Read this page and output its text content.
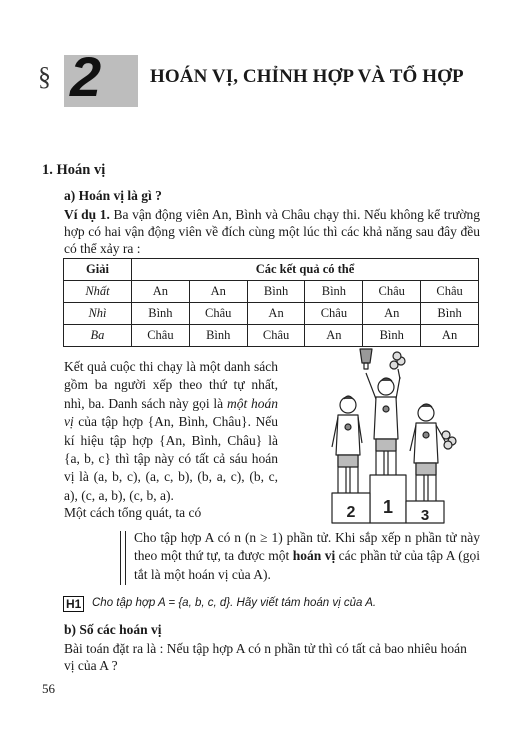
§ 2	HOÁN VỊ, CHỈNH HỢP VÀ TỔ HỢP
1. Hoán vị
a) Hoán vị là gì ?
Ví dụ 1. Ba vận động viên An, Bình và Châu chạy thi. Nếu không kể trường hợp có hai vận động viên về đích cùng một lúc thì các khả năng sau đây đều có thể xảy ra :
Giải	Các kết quả có thể					
Nhất	An	An	Bình	Bình	Châu	Châu
Nhì	Bình	Châu	An	Châu	An	Bình
Ba	Châu	Bình	Châu	An	Bình	An
Kết quả cuộc thi chạy là một danh sách gồm ba người xếp theo thứ tự nhất, nhì, ba. Danh sách này gọi là một hoán vị của tập hợp {An, Bình, Châu}. Nếu kí hiệu tập hợp {An, Bình, Châu} là {a, b, c} thì tập này có tất cả sáu hoán vị là (a, b, c), (a, c, b), (b, a, c), (b, c, a), (c, a, b), (c, b, a).
Một cách tổng quát, ta có	1
2	3
Cho tập hợp A có n (n ≥ 1) phần tử. Khi sắp xếp n phần tử này theo một thứ tự, ta được một hoán vị các phần tử của tập A (gọi tắt là một hoán vị của A).
H1 Cho tập hợp A = {a, b, c, d}. Hãy viết tám hoán vị của A.
b) Số các hoán vị
Bài toán đặt ra là : Nếu tập hợp A có n phần tử thì có tất cả bao nhiêu hoán vị của A ?
56
